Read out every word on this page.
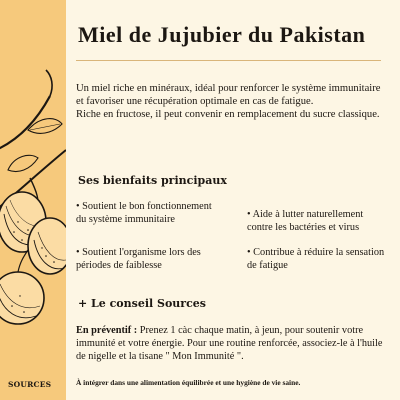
SOURCES
Miel de Jujubier du Pakistan

Un miel riche en minéraux, idéal pour renforcer le système immunitaire et favoriser une récupération optimale en cas de fatigue.

Riche en fructose, il peut convenir en remplacement du sucre classique.

Ses bienfaits principaux
• Soutient le bon fonctionnement du système immunitaire
• Soutient l'organisme lors des périodes de faiblesse
• Aide à lutter naturellement contre les bactéries et virus
• Contribue à réduire la sensation de fatigue
+ Le conseil Sources

En préventif : Prenez 1 càc chaque matin, à jeun, pour soutenir votre immunité et votre énergie. Pour une routine renforcée, associez-le à l'huile de nigelle et la tisane " Mon Immunité ".

À intégrer dans une alimentation équilibrée et une hygiène de vie saine.
